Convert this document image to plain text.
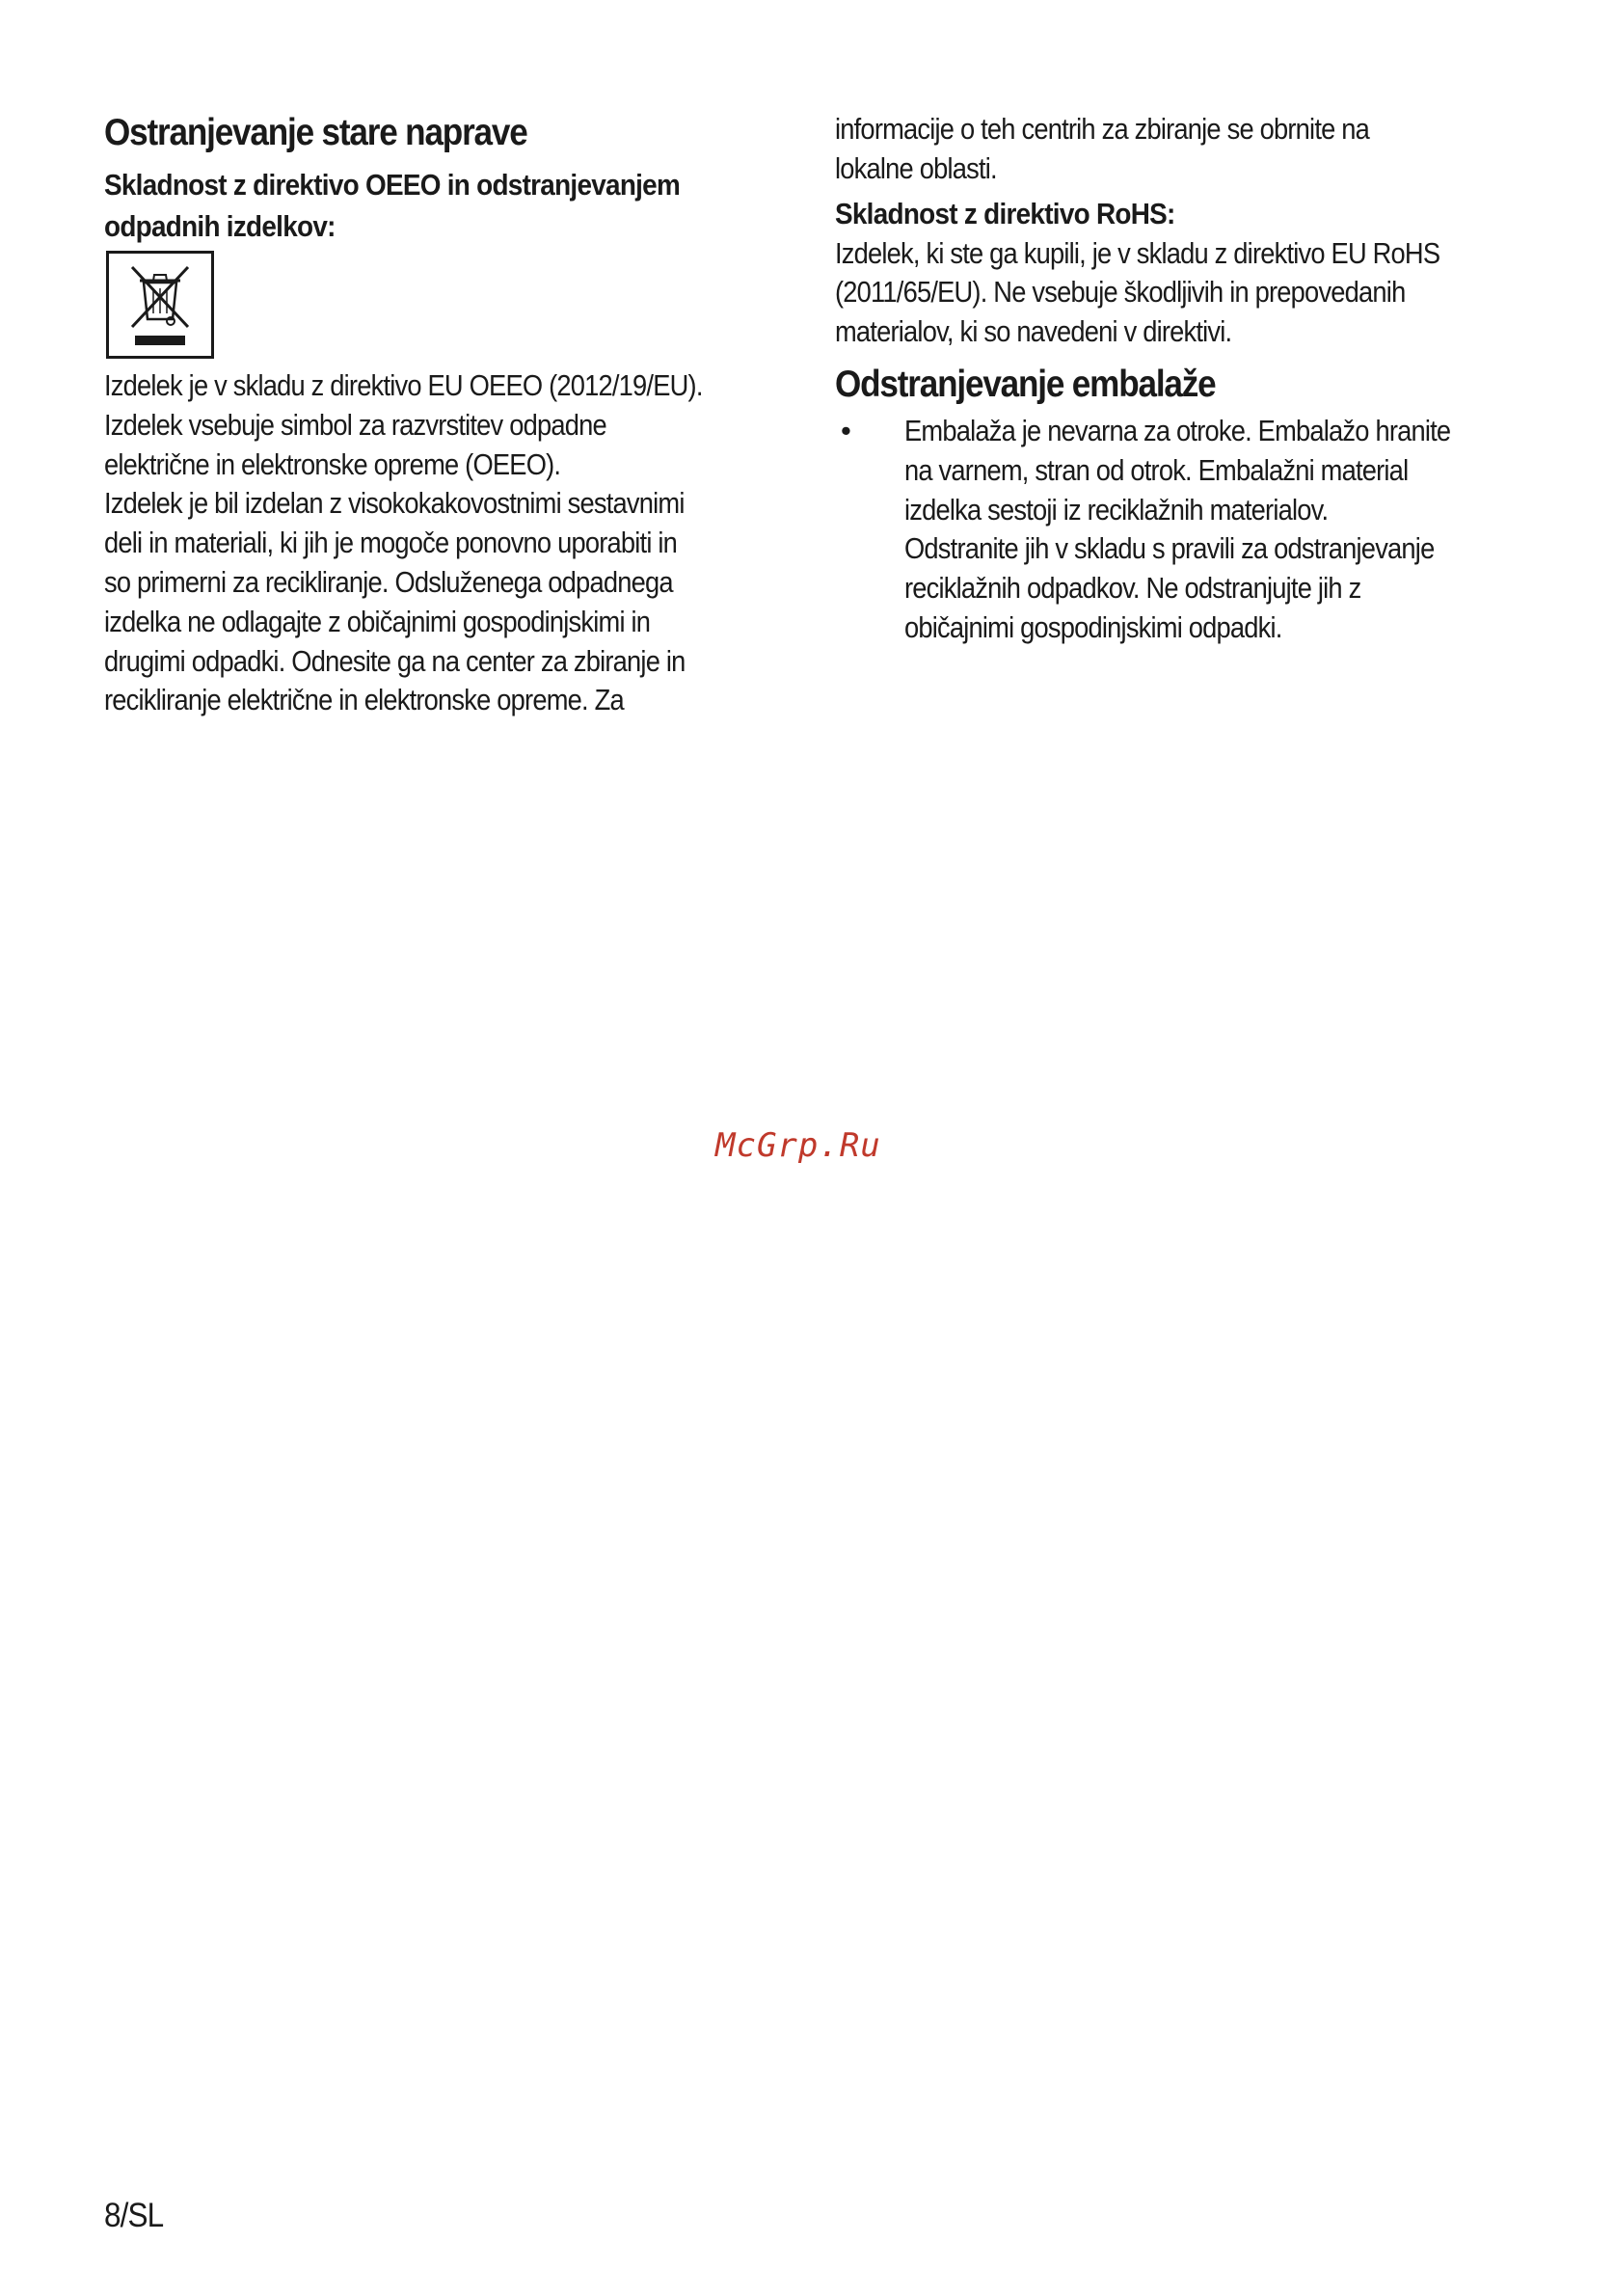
Ostranjevanje stare naprave
Skladnost z direktivo OEEO in odstranjevanjem
odpadnih izdelkov:
Izdelek je v skladu z direktivo EU OEEO (2012/19/EU).
Izdelek vsebuje simbol za razvrstitev odpadne
električne in elektronske opreme (OEEO).
Izdelek je bil izdelan z visokokakovostnimi sestavnimi
deli in materiali, ki jih je mogoče ponovno uporabiti in
so primerni za recikliranje. Odsluženega odpadnega
izdelka ne odlagajte z običajnimi gospodinjskimi in
drugimi odpadki. Odnesite ga na center za zbiranje in
recikliranje električne in elektronske opreme. Za
informacije o teh centrih za zbiranje se obrnite na
lokalne oblasti.
Skladnost z direktivo RoHS:
Izdelek, ki ste ga kupili, je v skladu z direktivo EU RoHS
(2011/65/EU). Ne vsebuje škodljivih in prepovedanih
materialov, ki so navedeni v direktivi.
Odstranjevanje embalaže
• Embalaža je nevarna za otroke. Embalažo hranite
na varnem, stran od otrok. Embalažni material
izdelka sestoji iz reciklažnih materialov.
Odstranite jih v skladu s pravili za odstranjevanje
reciklažnih odpadkov. Ne odstranjujte jih z
običajnimi gospodinjskimi odpadki.
McGrp.Ru
8/SL
